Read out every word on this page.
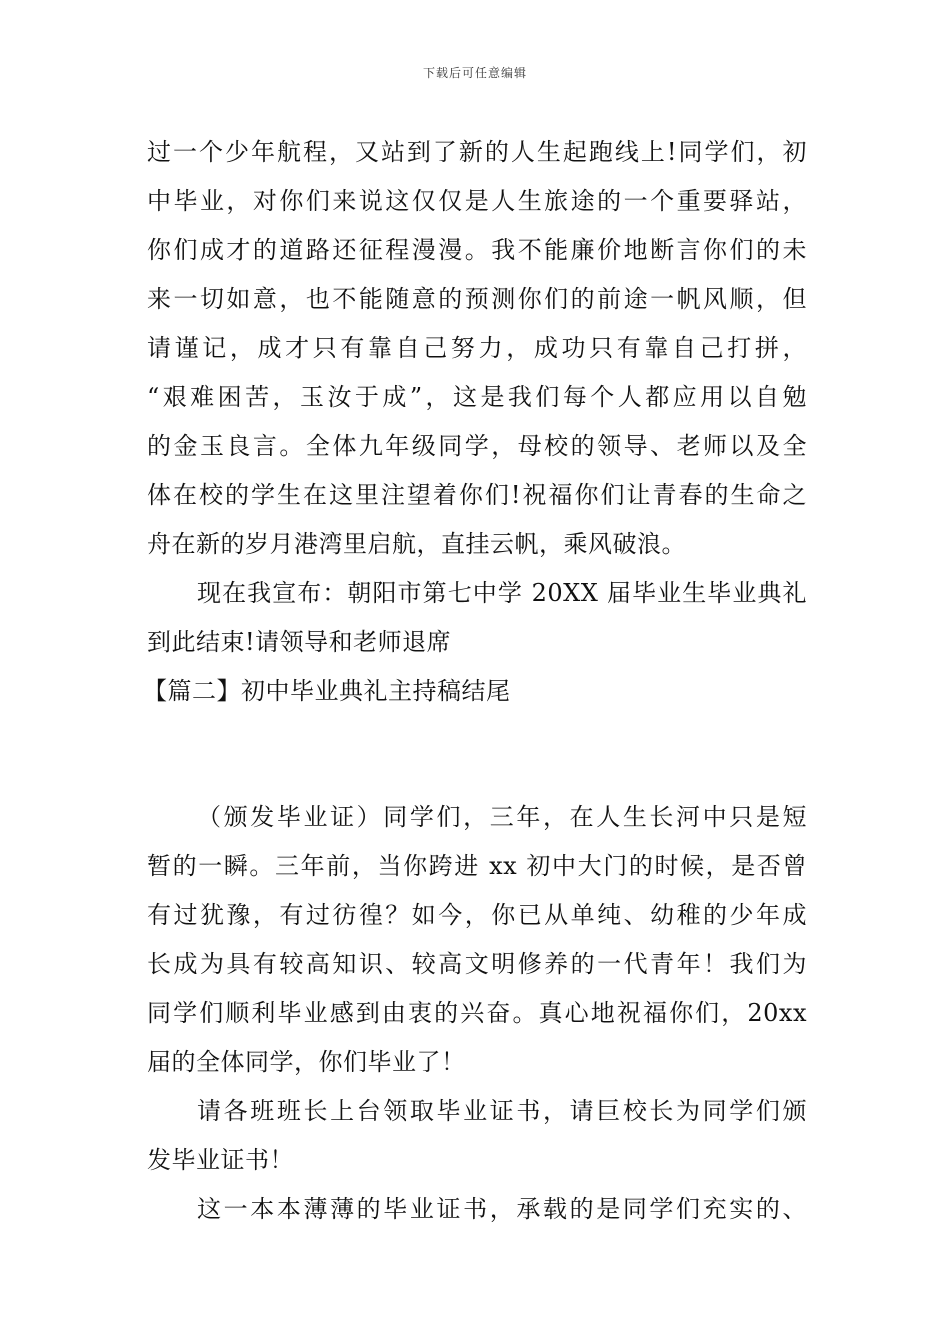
下载后可任意编辑
过一个少年航程，又站到了新的人生起跑线上!同学们，初
中毕业，对你们来说这仅仅是人生旅途的一个重要驿站，
你们成才的道路还征程漫漫。我不能廉价地断言你们的未
来一切如意，也不能随意的预测你们的前途一帆风顺，但
请谨记，成才只有靠自己努力，成功只有靠自己打拼，
“艰难困苦，玉汝于成”，这是我们每个人都应用以自勉
的金玉良言。全体九年级同学，母校的领导、老师以及全
体在校的学生在这里注望着你们!祝福你们让青春的生命之
舟在新的岁月港湾里启航，直挂云帆，乘风破浪。
现在我宣布：朝阳市第七中学 20XX 届毕业生毕业典礼
到此结束!请领导和老师退席
【篇二】初中毕业典礼主持稿结尾
（颁发毕业证）同学们，三年，在人生长河中只是短
暂的一瞬。三年前，当你跨进 xx 初中大门的时候，是否曾
有过犹豫，有过彷徨？如今，你已从单纯、幼稚的少年成
长成为具有较高知识、较高文明修养的一代青年！我们为
同学们顺利毕业感到由衷的兴奋。真心地祝福你们，20xx
届的全体同学，你们毕业了！
请各班班长上台领取毕业证书，请巨校长为同学们颁
发毕业证书！
这一本本薄薄的毕业证书，承载的是同学们充实的、
